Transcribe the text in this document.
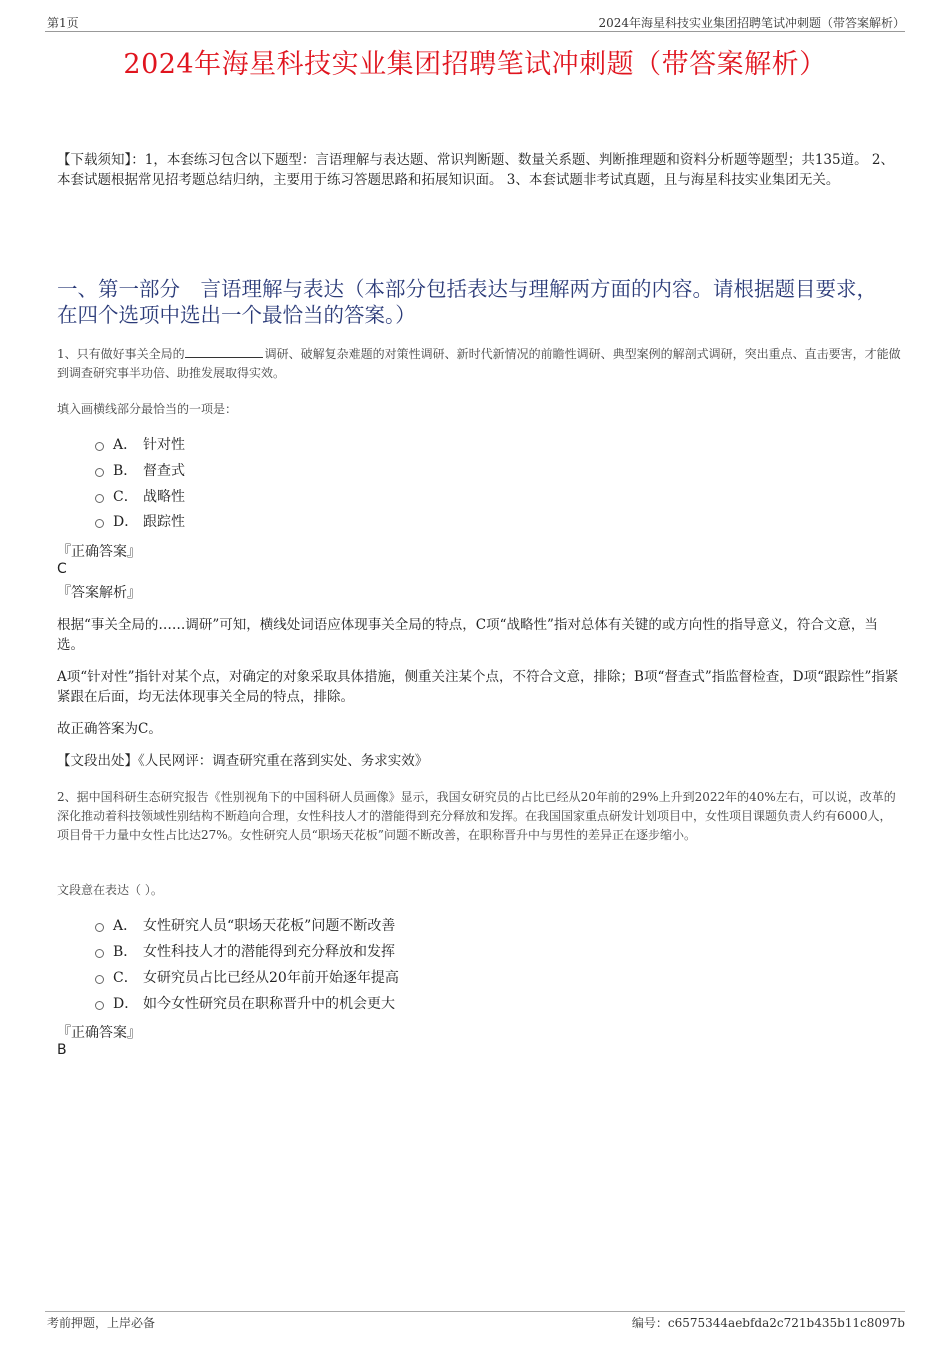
第1页	2024年海星科技实业集团招聘笔试冲刺题（带答案解析）
2024年海星科技实业集团招聘笔试冲刺题（带答案解析）
【下载须知】：1，本套练习包含以下题型：言语理解与表达题、常识判断题、数量关系题、判断推理题和资料分析题等题型；共135道。 2、本套试题根据常见招考题总结归纳，主要用于练习答题思路和拓展知识面。 3、本套试题非考试真题，且与海星科技实业集团无关。
一、第一部分　言语理解与表达（本部分包括表达与理解两方面的内容。请根据题目要求，在四个选项中选出一个最恰当的答案。）
1、只有做好事关全局的	调研、破解复杂难题的对策性调研、新时代新情况的前瞻性调研、典型案例的解剖式调研，突出重点、直击要害，才能做到调查研究事半功倍、助推发展取得实效。
填入画横线部分最恰当的一项是：
A． 针对性
B． 督查式
C． 战略性
D． 跟踪性
『正确答案』
C
『答案解析』
根据“事关全局的……调研”可知，横线处词语应体现事关全局的特点，C项“战略性”指对总体有关键的或方向性的指导意义，符合文意，当选。
A项“针对性”指针对某个点，对确定的对象采取具体措施，侧重关注某个点，不符合文意，排除；B项“督查式”指监督检查，D项“跟踪性”指紧紧跟在后面，均无法体现事关全局的特点，排除。
故正确答案为C。
【文段出处】《人民网评：调查研究重在落到实处、务求实效》
2、据中国科研生态研究报告《性别视角下的中国科研人员画像》显示，我国女研究员的占比已经从20年前的29%上升到2022年的40%左右，可以说，改革的深化推动着科技领域性别结构不断趋向合理，女性科技人才的潜能得到充分释放和发挥。在我国国家重点研发计划项目中，女性项目课题负责人约有6000人，项目骨干力量中女性占比达27%。女性研究人员“职场天花板”问题不断改善，在职称晋升中与男性的差异正在逐步缩小。
文段意在表达（ ）。
A． 女性研究人员“职场天花板”问题不断改善
B． 女性科技人才的潜能得到充分释放和发挥
C． 女研究员占比已经从20年前开始逐年提高
D． 如今女性研究员在职称晋升中的机会更大
『正确答案』
B
考前押题，上岸必备	编号：c6575344aebfda2c721b435b11c8097b
